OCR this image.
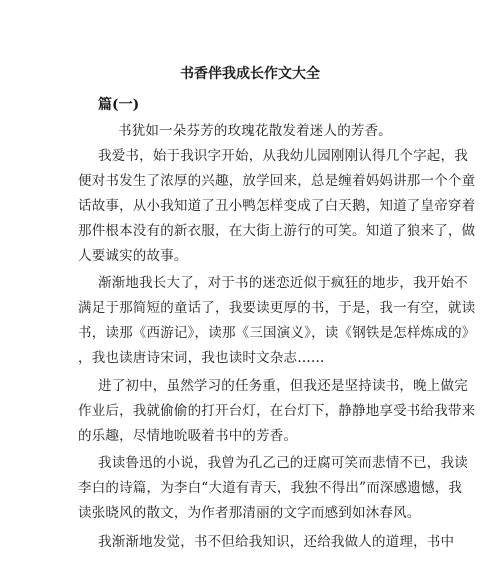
书香伴我成长作文大全
篇(一)
书犹如一朵芬芳的玫瑰花散发着迷人的芳香。
我爱书，始于我识字开始，从我幼儿园刚刚认得几个字起，我
便对书发生了浓厚的兴趣，放学回来，总是缠着妈妈讲那一个个童
话故事，从小我知道了丑小鸭怎样变成了白天鹅，知道了皇帝穿着
那件根本没有的新衣服，在大街上游行的可笑。知道了狼来了，做
人要诚实的故事。
渐渐地我长大了，对于书的迷恋近似于疯狂的地步，我开始不
满足于那简短的童话了，我要读更厚的书，于是，我一有空，就读
书，读那《西游记》，读那《三国演义》，读《钢铁是怎样炼成的》
，我也读唐诗宋词，我也读时文杂志……
进了初中，虽然学习的任务重，但我还是坚持读书，晚上做完
作业后，我就偷偷的打开台灯，在台灯下，静静地享受书给我带来
的乐趣，尽情地吮吸着书中的芳香。
我读鲁迅的小说，我曾为孔乙己的迂腐可笑而悲情不已，我读
李白的诗篇，为李白“大道有青天，我独不得出”而深感遗憾，我
读张晓风的散文，为作者那清丽的文字而感到如沐春风。
我渐渐地发觉，书不但给我知识，还给我做人的道理，书中
